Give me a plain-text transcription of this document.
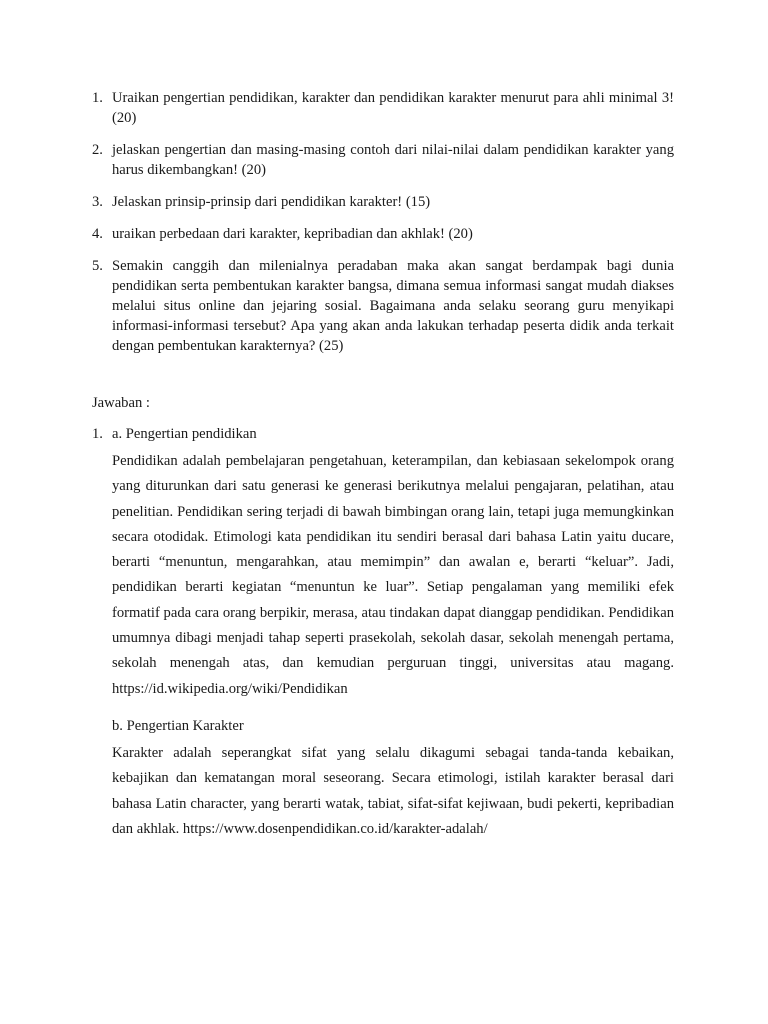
1. Uraikan pengertian pendidikan, karakter dan pendidikan karakter menurut para ahli minimal 3! (20)
2. jelaskan pengertian dan masing-masing contoh dari nilai-nilai dalam pendidikan karakter yang harus dikembangkan! (20)
3. Jelaskan prinsip-prinsip dari pendidikan karakter! (15)
4. uraikan perbedaan dari karakter, kepribadian dan akhlak! (20)
5. Semakin canggih dan milenialnya peradaban maka akan sangat berdampak bagi dunia pendidikan serta pembentukan karakter bangsa, dimana semua informasi sangat mudah diakses melalui situs online dan jejaring sosial. Bagaimana anda selaku seorang guru menyikapi informasi-informasi tersebut? Apa yang akan anda lakukan terhadap peserta didik anda terkait dengan pembentukan karakternya? (25)
Jawaban :
1. a. Pengertian pendidikan
Pendidikan adalah pembelajaran pengetahuan, keterampilan, dan kebiasaan sekelompok orang yang diturunkan dari satu generasi ke generasi berikutnya melalui pengajaran, pelatihan, atau penelitian. Pendidikan sering terjadi di bawah bimbingan orang lain, tetapi juga memungkinkan secara otodidak. Etimologi kata pendidikan itu sendiri berasal dari bahasa Latin yaitu ducare, berarti “menuntun, mengarahkan, atau memimpin” dan awalan e, berarti “keluar”. Jadi, pendidikan berarti kegiatan “menuntun ke luar”. Setiap pengalaman yang memiliki efek formatif pada cara orang berpikir, merasa, atau tindakan dapat dianggap pendidikan. Pendidikan umumnya dibagi menjadi tahap seperti prasekolah, sekolah dasar, sekolah menengah pertama, sekolah menengah atas, dan kemudian perguruan tinggi, universitas atau magang. https://id.wikipedia.org/wiki/Pendidikan
b. Pengertian Karakter
Karakter adalah seperangkat sifat yang selalu dikagumi sebagai tanda-tanda kebaikan, kebajikan dan kematangan moral seseorang. Secara etimologi, istilah karakter berasal dari bahasa Latin character, yang berarti watak, tabiat, sifat-sifat kejiwaan, budi pekerti, kepribadian dan akhlak. https://www.dosenpendidikan.co.id/karakter-adalah/
